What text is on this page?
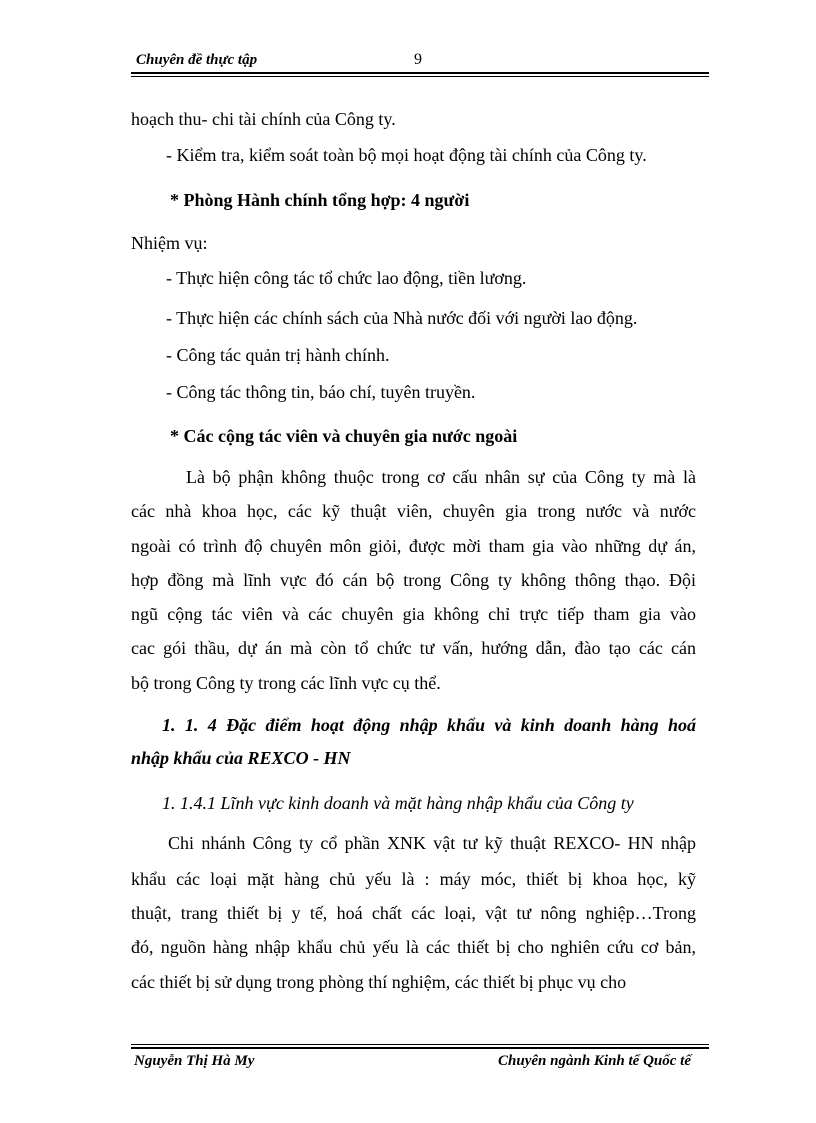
Chuyên đề thực tập	9
hoạch thu- chi tài chính của Công ty.
- Kiểm tra, kiểm soát toàn bộ mọi hoạt động tài chính của Công ty.
* Phòng Hành chính tổng hợp: 4 người
Nhiệm vụ:
- Thực hiện công tác tổ chức lao động, tiền lương.
- Thực hiện các chính sách của Nhà nước đối với người lao động.
- Công tác quản trị hành chính.
- Công tác thông tin, báo chí, tuyên truyền.
* Các cộng tác viên và chuyên gia nước ngoài
Là bộ phận không thuộc trong cơ cấu nhân sự của Công ty mà là
các nhà khoa học, các kỹ thuật viên, chuyên gia trong nước và nước
ngoài có trình độ chuyên môn giỏi, được mời tham gia vào những dự án,
hợp đồng mà lĩnh vực đó cán bộ trong Công ty không thông thạo. Đội
ngũ cộng tác viên và các chuyên gia không chỉ trực tiếp tham gia vào
cac gói thầu, dự án mà còn tổ chức tư vấn, hướng dẫn, đào tạo các cán
bộ trong Công ty trong các lĩnh vực cụ thể.
1. 1. 4 Đặc điểm hoạt động nhập khẩu và kinh doanh hàng hoá
nhập khẩu của REXCO - HN
1. 1.4.1 Lĩnh vực kinh doanh và mặt hàng nhập khẩu của Công ty
Chi nhánh Công ty cổ phần XNK vật tư kỹ thuật REXCO- HN nhập
khẩu các loại mặt hàng chủ yếu là : máy móc, thiết bị khoa học, kỹ
thuật, trang thiết bị y tế, hoá chất các loại, vật tư nông nghiệp…Trong
đó, nguồn hàng nhập khẩu chủ yếu là các thiết bị cho nghiên cứu cơ bản,
các thiết bị sử dụng trong phòng thí nghiệm, các thiết bị phục vụ cho
Nguyễn Thị Hà My	Chuyên ngành Kinh tế Quốc tế
